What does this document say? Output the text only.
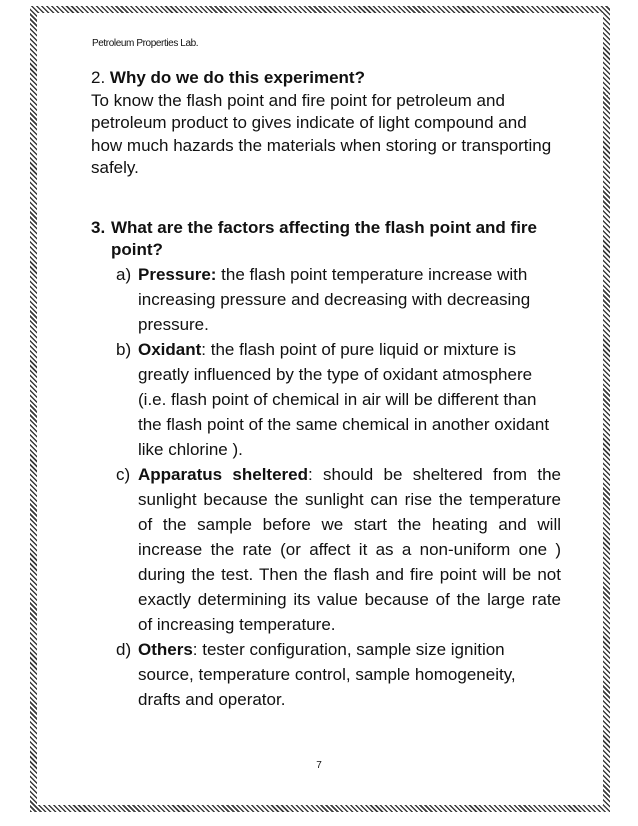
Petroleum Properties Lab.

2. Why do we do this experiment?

To know the flash point and fire point for petroleum and petroleum product to gives indicate of light compound and how much hazards the materials when storing or transporting safely.

3. What are the factors affecting the flash point and fire point?

a) Pressure: the flash point temperature increase with increasing pressure and decreasing with decreasing pressure.
b) Oxidant: the flash point of pure liquid or mixture is greatly influenced by the type of oxidant atmosphere (i.e. flash point of chemical in air will be different than the flash point of the same chemical in another oxidant like chlorine ).
c) Apparatus sheltered: should be sheltered from the sunlight because the sunlight can rise the temperature of the sample before we start the heating and will increase the rate (or affect it as a non-uniform one ) during the test. Then the flash and fire point will be not exactly determining its value because of the large rate of increasing temperature.
d) Others: tester configuration, sample size ignition source, temperature control, sample homogeneity, drafts and operator.
7
